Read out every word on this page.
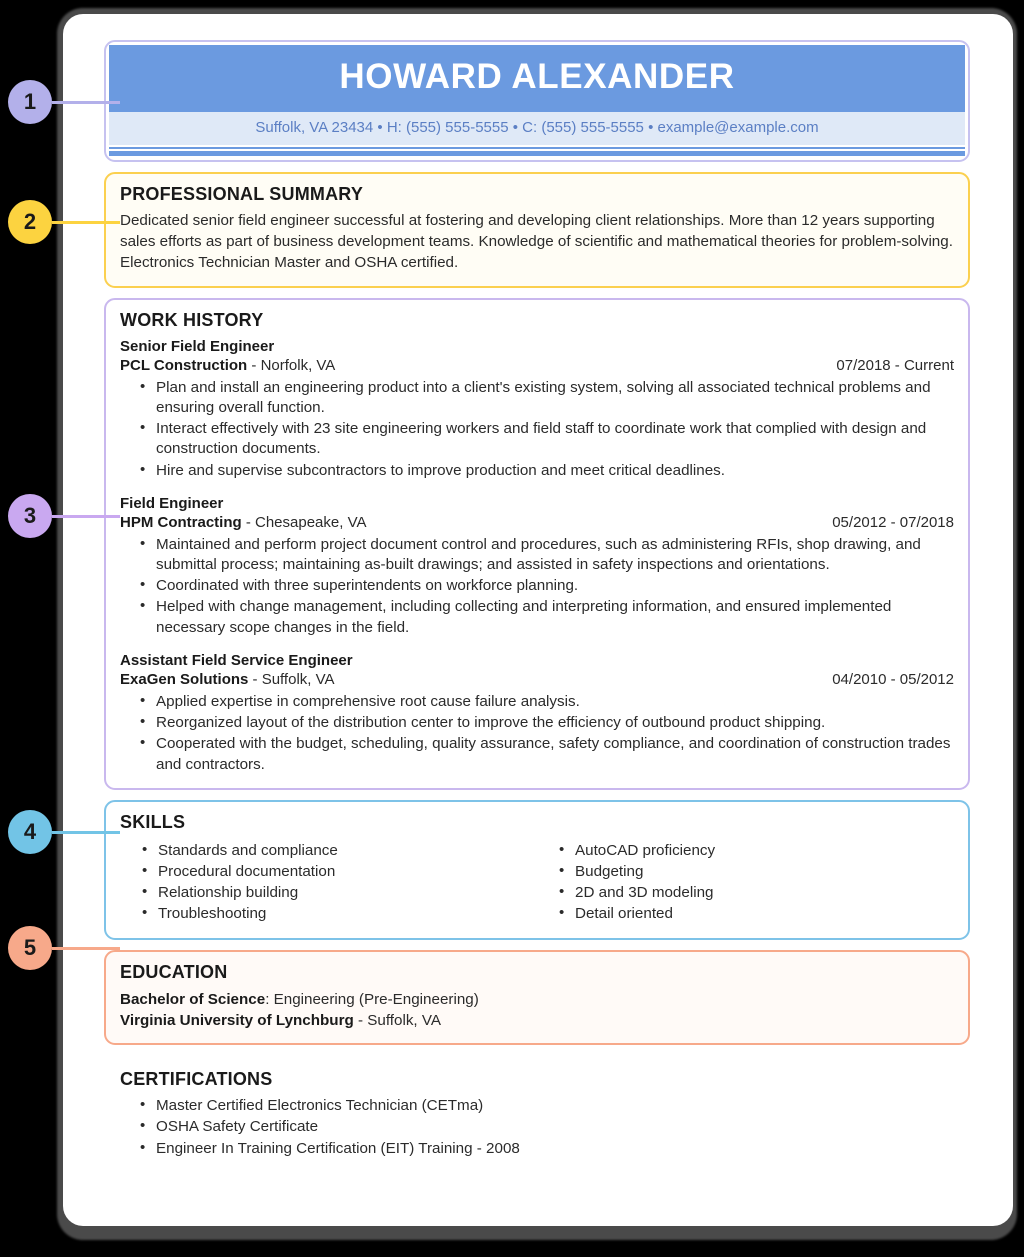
1
2
3
4
5
HOWARD ALEXANDER
Suffolk, VA 23434 • H: (555) 555-5555 • C: (555) 555-5555 • example@example.com
PROFESSIONAL SUMMARY
Dedicated senior field engineer successful at fostering and developing client relationships. More than 12 years supporting sales efforts as part of business development teams. Knowledge of scientific and mathematical theories for problem-solving. Electronics Technician Master and OSHA certified.
WORK HISTORY
Senior Field Engineer
PCL Construction - Norfolk, VA	07/2018 - Current
• Plan and install an engineering product into a client's existing system, solving all associated technical problems and ensuring overall function.
• Interact effectively with 23 site engineering workers and field staff to coordinate work that complied with design and construction documents.
• Hire and supervise subcontractors to improve production and meet critical deadlines.
Field Engineer
HPM Contracting - Chesapeake, VA	05/2012 - 07/2018
• Maintained and perform project document control and procedures, such as administering RFIs, shop drawing, and submittal process; maintaining as-built drawings; and assisted in safety inspections and orientations.
• Coordinated with three superintendents on workforce planning.
• Helped with change management, including collecting and interpreting information, and ensured implemented necessary scope changes in the field.
Assistant Field Service Engineer
ExaGen Solutions - Suffolk, VA	04/2010 - 05/2012
• Applied expertise in comprehensive root cause failure analysis.
• Reorganized layout of the distribution center to improve the efficiency of outbound product shipping.
• Cooperated with the budget, scheduling, quality assurance, safety compliance, and coordination of construction trades and contractors.
SKILLS
• Standards and compliance
• Procedural documentation
• Relationship building
• Troubleshooting
• AutoCAD proficiency
• Budgeting
• 2D and 3D modeling
• Detail oriented
EDUCATION
Bachelor of Science: Engineering (Pre-Engineering)
Virginia University of Lynchburg - Suffolk, VA
CERTIFICATIONS
• Master Certified Electronics Technician (CETma)
• OSHA Safety Certificate
• Engineer In Training Certification (EIT) Training - 2008
